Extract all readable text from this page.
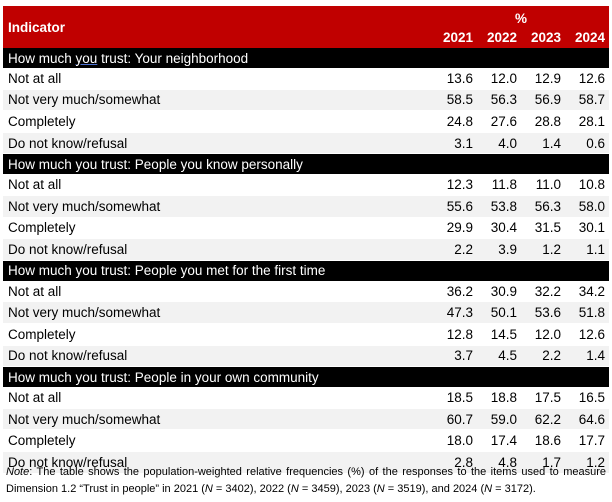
Indicator	%			
	2021	2022	2023	2024
How much you trust: Your neighborhood				
Not at all	13.6	12.0	12.9	12.6
Not very much/somewhat	58.5	56.3	56.9	58.7
Completely	24.8	27.6	28.8	28.1
Do not know/refusal	3.1	4.0	1.4	0.6
How much you trust: People you know personally				
Not at all	12.3	11.8	11.0	10.8
Not very much/somewhat	55.6	53.8	56.3	58.0
Completely	29.9	30.4	31.5	30.1
Do not know/refusal	2.2	3.9	1.2	1.1
How much you trust: People you met for the first time				
Not at all	36.2	30.9	32.2	34.2
Not very much/somewhat	47.3	50.1	53.6	51.8
Completely	12.8	14.5	12.0	12.6
Do not know/refusal	3.7	4.5	2.2	1.4
How much you trust: People in your own community				
Not at all	18.5	18.8	17.5	16.5
Not very much/somewhat	60.7	59.0	62.2	64.6
Completely	18.0	17.4	18.6	17.7
Do not know/refusal	2.8	4.8	1.7	1.2
Note: The table shows the population-weighted relative frequencies (%) of the responses to the items used to measure Dimension 1.2 “Trust in people” in 2021 (N = 3402), 2022 (N = 3459), 2023 (N = 3519), and 2024 (N = 3172).
